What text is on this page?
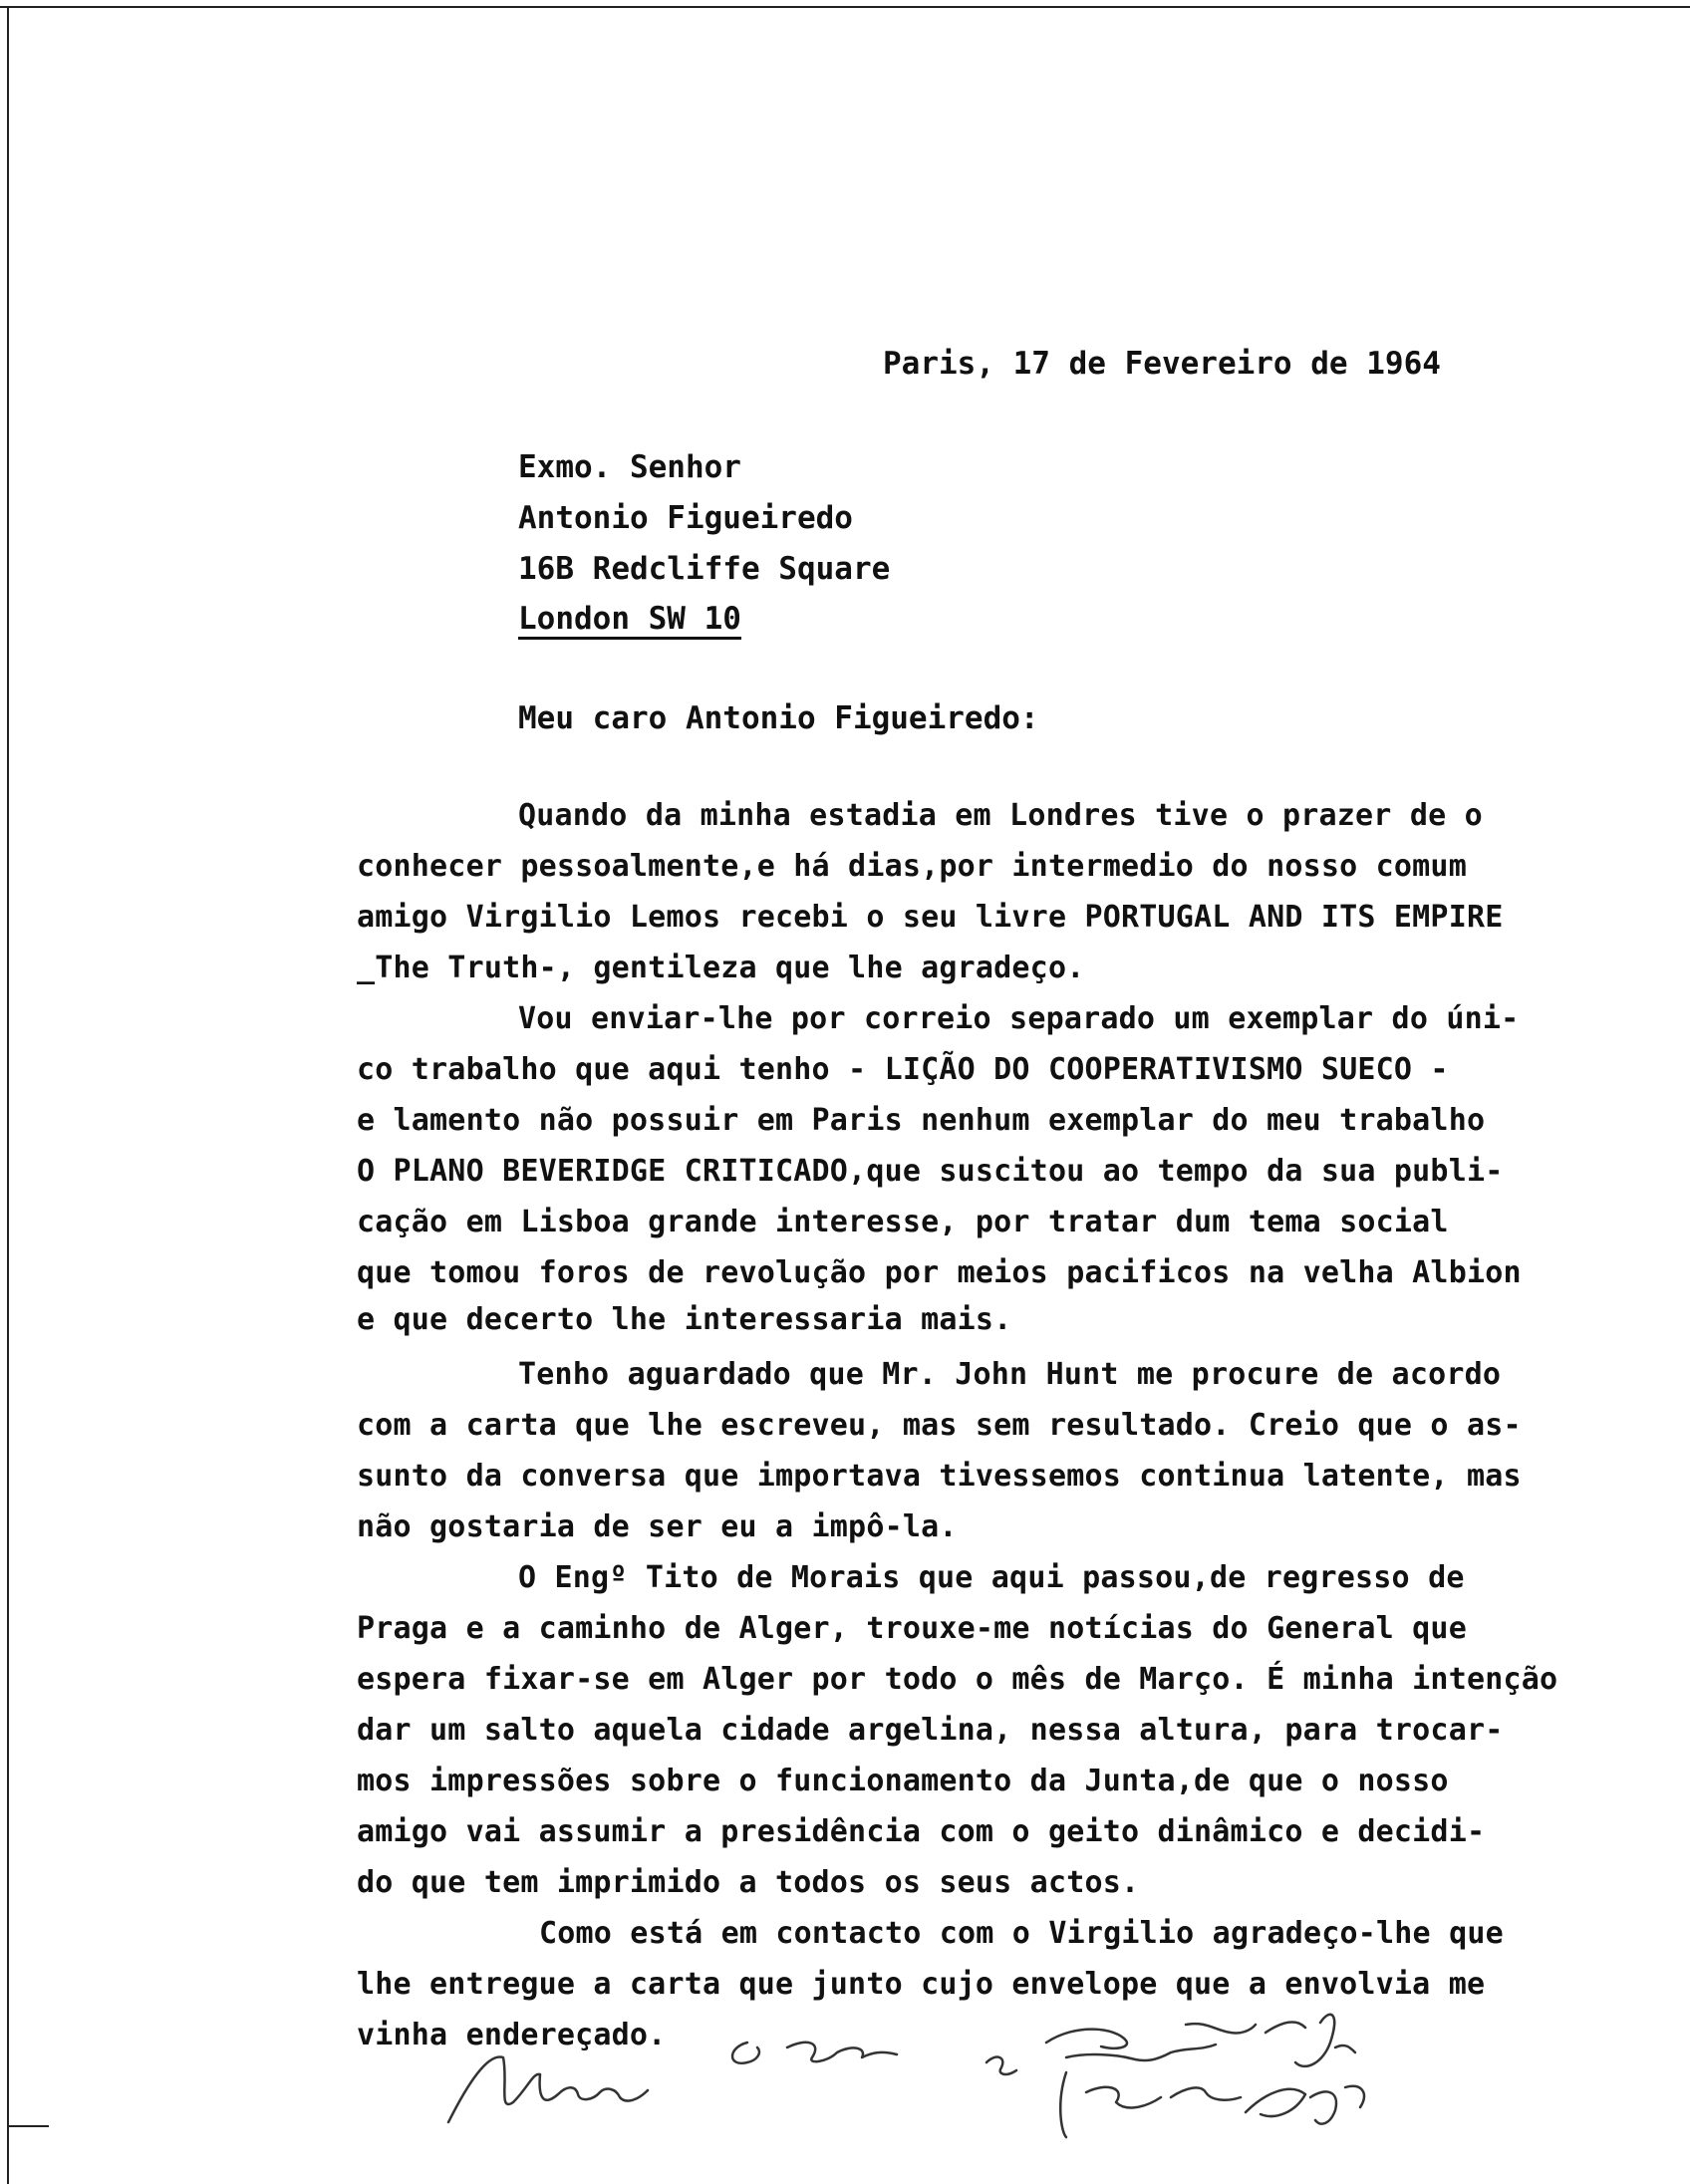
Paris, 17 de Fevereiro de 1964
Exmo. Senhor
Antonio Figueiredo
16B Redcliffe Square
London SW 10
Meu caro Antonio Figueiredo:
Quando da minha estadia em Londres tive o prazer de o
conhecer pessoalmente,e há dias,por intermedio do nosso comum
amigo Virgilio Lemos recebi o seu livre PORTUGAL AND ITS EMPIRE
_The Truth-, gentileza que lhe agradeço.
Vou enviar-lhe por correio separado um exemplar do úni-
co trabalho que aqui tenho - LIÇÃO DO COOPERATIVISMO SUECO -
e lamento não possuir em Paris nenhum exemplar do meu trabalho
O PLANO BEVERIDGE CRITICADO,que suscitou ao tempo da sua publi-
cação em Lisboa grande interesse, por tratar dum tema social
que tomou foros de revolução por meios pacificos na velha Albion
e que decerto lhe interessaria mais.
Tenho aguardado que Mr. John Hunt me procure de acordo
com a carta que lhe escreveu, mas sem resultado. Creio que o as-
sunto da conversa que importava tivessemos continua latente, mas
não gostaria de ser eu a impô-la.
O Engº Tito de Morais que aqui passou,de regresso de
Praga e a caminho de Alger, trouxe-me notícias do General que
espera fixar-se em Alger por todo o mês de Março. É minha intenção
dar um salto aquela cidade argelina, nessa altura, para trocar-
mos impressões sobre o funcionamento da Junta,de que o nosso
amigo vai assumir a presidência com o geito dinâmico e decidi-
do que tem imprimido a todos os seus actos.
Como está em contacto com o Virgilio agradeço-lhe que
lhe entregue a carta que junto cujo envelope que a envolvia me
vinha endereçado.
